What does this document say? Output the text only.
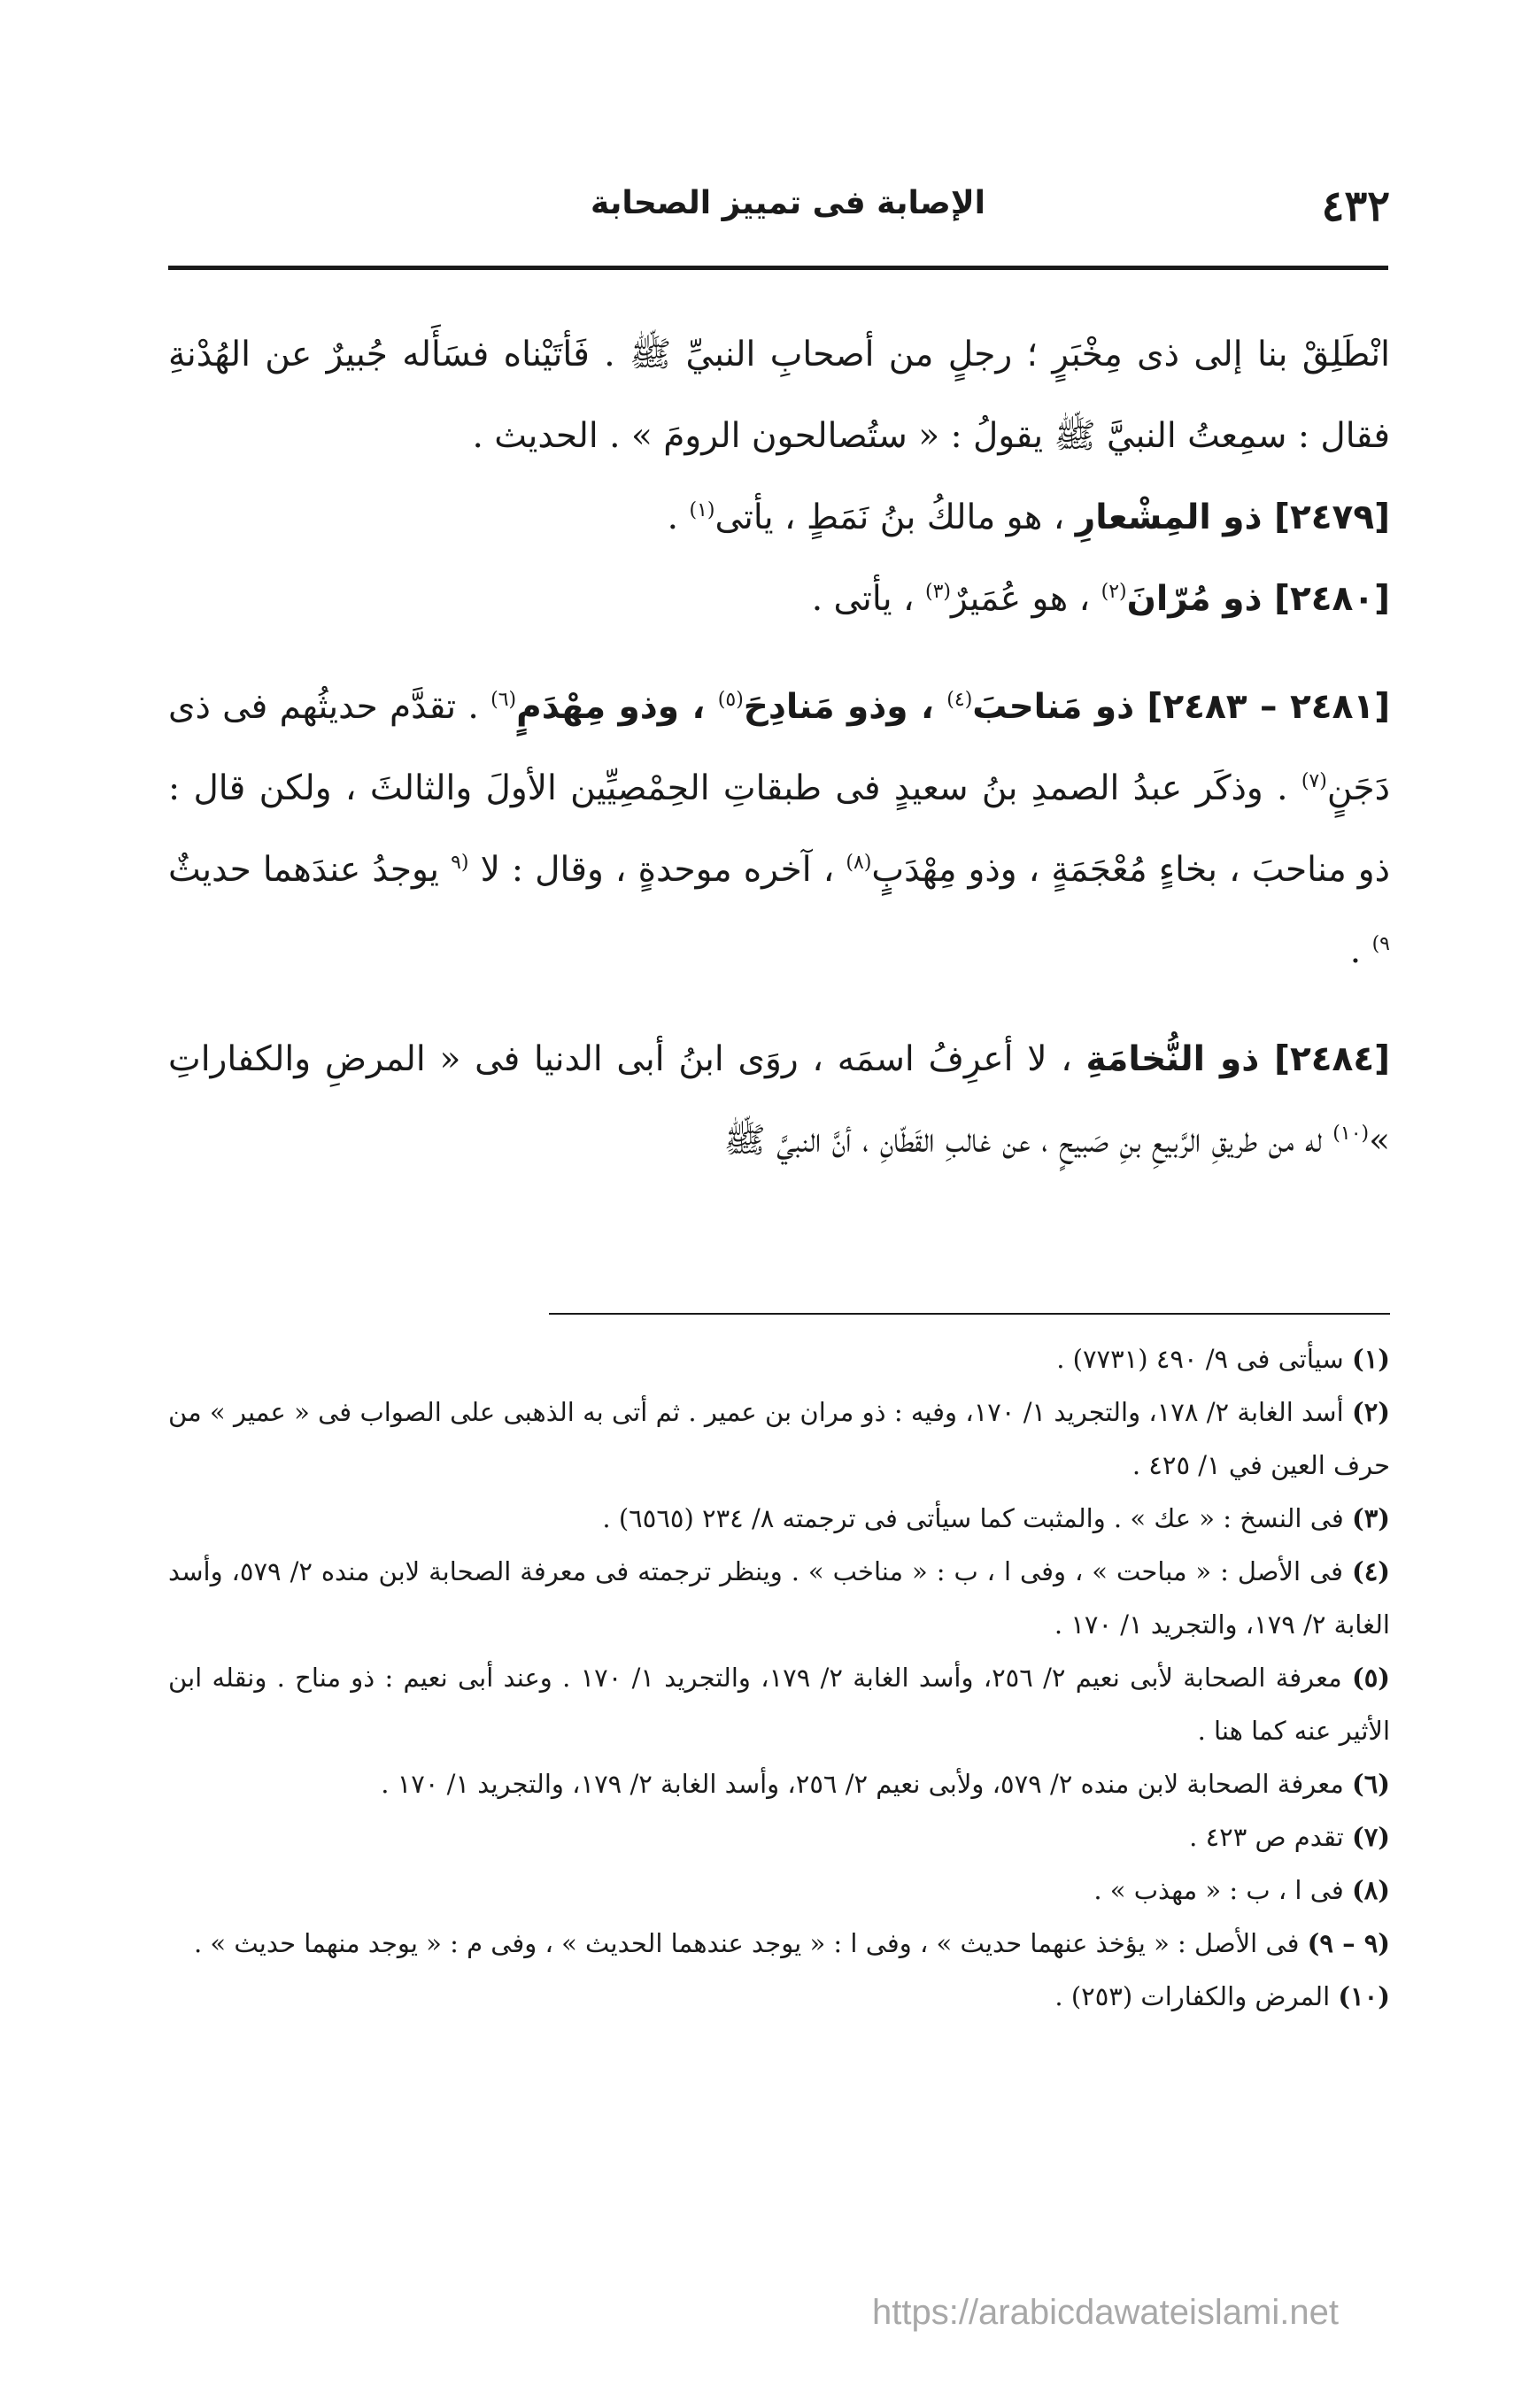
٤٣٢
الإصابة فى تمييز الصحابة

انْطَلِقْ بنا إلى ذى مِخْبَرٍ ؛ رجلٍ من أصحابِ النبيِّ ﷺ . فَأتَيْناه فسَأَله جُبيرٌ عن الهُدْنةِ فقال : سمِعتُ النبيَّ ﷺ يقولُ : « ستُصالحون الرومَ » . الحديث .

[٢٤٧٩] ذو المِشْعارِ ، هو مالكُ بنُ نَمَطٍ ، يأتى$^{(١)}$ .

[٢٤٨٠] ذو مُرّانَ$^{(٢)}$ ، هو عُمَيرٌ$^{(٣)}$ ، يأتى .

[٢٤٨١ – ٢٤٨٣] ذو مَناحبَ$^{(٤)}$ ، وذو مَنادِحَ$^{(٥)}$ ، وذو مِهْدَمٍ$^{(٦)}$ . تقدَّم حديثُهم فى ذى دَجَنٍ$^{(٧)}$ . وذكَر عبدُ الصمدِ بنُ سعيدٍ فى طبقاتِ الحِمْصِيِّين الأولَ والثالثَ ، ولكن قال : ذو مناحبَ ، بخاءٍ مُعْجَمَةٍ ، وذو مِهْدَبٍ$^{(٨)}$ ، آخره موحدةٍ ، وقال : لا $^{(٩}$ يوجدُ عندَهما حديثٌ $^{٩)}$ .

[٢٤٨٤] ذو النُّخامَةِ ، لا أعرِفُ اسمَه ، روَى ابنُ أبى الدنيا فى « المرضِ والكفاراتِ »$^{(١٠)}$ له من طريقِ الرَّبيعِ بنِ صَبيحٍ ، عن غالبِ القَطّانِ ، أنَّ النبيَّ ﷺ

(١) سيأتى فى ٩/ ٤٩٠ (٧٧٣١) .

(٢) أسد الغابة ٢/ ١٧٨، والتجريد ١/ ١٧٠، وفيه : ذو مران بن عمير . ثم أتى به الذهبى على الصواب فى « عمير » من حرف العين في ١/ ٤٢٥ .

(٣) فى النسخ : « عك » . والمثبت كما سيأتى فى ترجمته ٨/ ٢٣٤ (٦٥٦٥) .

(٤) فى الأصل : « مباحت » ، وفى ا ، ب : « مناخب » . وينظر ترجمته فى معرفة الصحابة لابن منده ٢/ ٥٧٩، وأسد الغابة ٢/ ١٧٩، والتجريد ١/ ١٧٠ .

(٥) معرفة الصحابة لأبى نعيم ٢/ ٢٥٦، وأسد الغابة ٢/ ١٧٩، والتجريد ١/ ١٧٠ . وعند أبى نعيم : ذو مناح . ونقله ابن الأثير عنه كما هنا .

(٦) معرفة الصحابة لابن منده ٢/ ٥٧٩، ولأبى نعيم ٢/ ٢٥٦، وأسد الغابة ٢/ ١٧٩، والتجريد ١/ ١٧٠ .

(٧) تقدم ص ٤٢٣ .

(٨) فى ا ، ب : « مهذب » .

(٩ – ٩) فى الأصل : « يؤخذ عنهما حديث » ، وفى ا : « يوجد عندهما الحديث » ، وفى م : « يوجد منهما حديث » .

(١٠) المرض والكفارات (٢٥٣) .

https://arabicdawateislami.net
